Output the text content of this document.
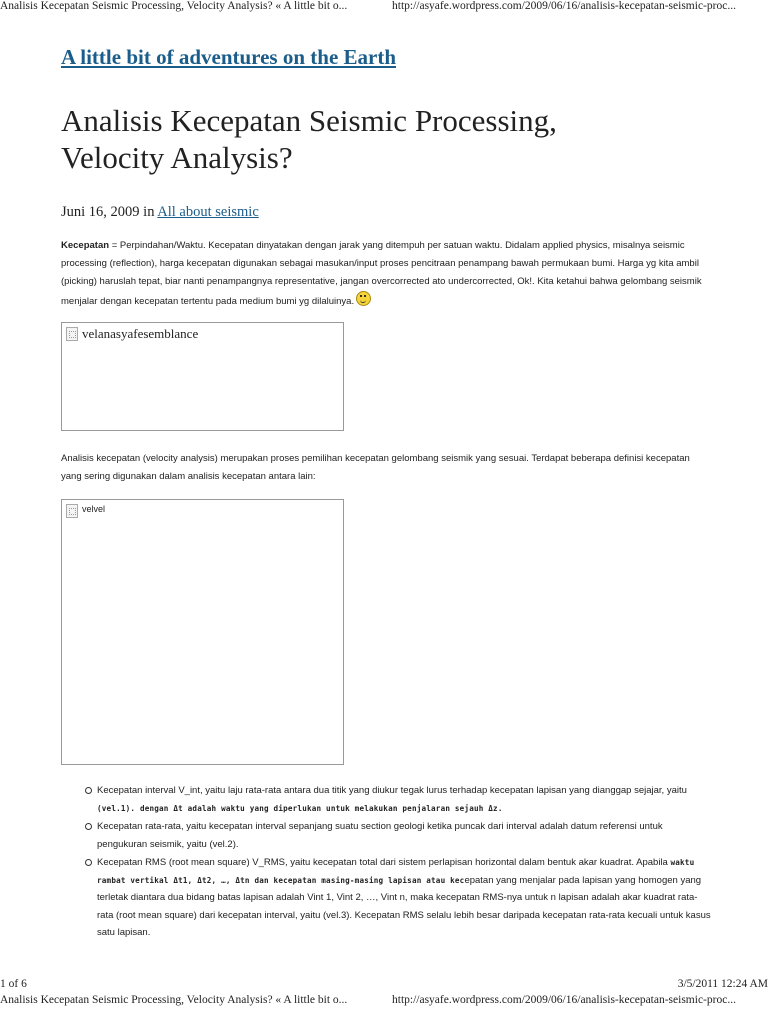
Analisis Kecepatan Seismic Processing, Velocity Analysis? « A little bit o...	http://asyafe.wordpress.com/2009/06/16/analisis-kecepatan-seismic-proc...
A little bit of adventures on the Earth
Analisis Kecepatan Seismic Processing,
Velocity Analysis?
Juni 16, 2009 in All about seismic
Kecepatan = Perpindahan/Waktu. Kecepatan dinyatakan dengan jarak yang ditempuh per satuan waktu. Didalam applied physics, misalnya seismic processing (reflection), harga kecepatan digunakan sebagai masukan/input proses pencitraan penampang bawah permukaan bumi. Harga yg kita ambil (picking) haruslah tepat, biar nanti penampangnya representative, jangan overcorrected ato undercorrected, Ok!. Kita ketahui bahwa gelombang seismik menjalar dengan kecepatan tertentu pada medium bumi yg dilaluinya.
velanasyafesemblance
Analisis kecepatan (velocity analysis) merupakan proses pemilihan kecepatan gelombang seismik yang sesuai. Terdapat beberapa definisi kecepatan yang sering digunakan dalam analisis kecepatan antara lain:
velvel
Kecepatan interval V_int, yaitu laju rata-rata antara dua titik yang diukur tegak lurus terhadap kecepatan lapisan yang dianggap sejajar, yaitu (vel.1). dengan Δt adalah waktu yang diperlukan untuk melakukan penjalaran sejauh Δz.
Kecepatan rata-rata, yaitu kecepatan interval sepanjang suatu section geologi ketika puncak dari interval adalah datum referensi untuk pengukuran seismik, yaitu (vel.2).
Kecepatan RMS (root mean square) V_RMS, yaitu kecepatan total dari sistem perlapisan horizontal dalam bentuk akar kuadrat. Apabila waktu rambat vertikal Δt1, Δt2, …, Δtn dan kecepatan masing-masing lapisan atau kecepatan yang menjalar pada lapisan yang homogen yang terletak diantara dua bidang batas lapisan adalah Vint 1, Vint 2, …, Vint n, maka kecepatan RMS-nya untuk n lapisan adalah akar kuadrat rata-rata (root mean square) dari kecepatan interval, yaitu (vel.3). Kecepatan RMS selalu lebih besar daripada kecepatan rata-rata kecuali untuk kasus satu lapisan.
1 of 6	3/5/2011 12:24 AM
Analisis Kecepatan Seismic Processing, Velocity Analysis? « A little bit o...	http://asyafe.wordpress.com/2009/06/16/analisis-kecepatan-seismic-proc...
